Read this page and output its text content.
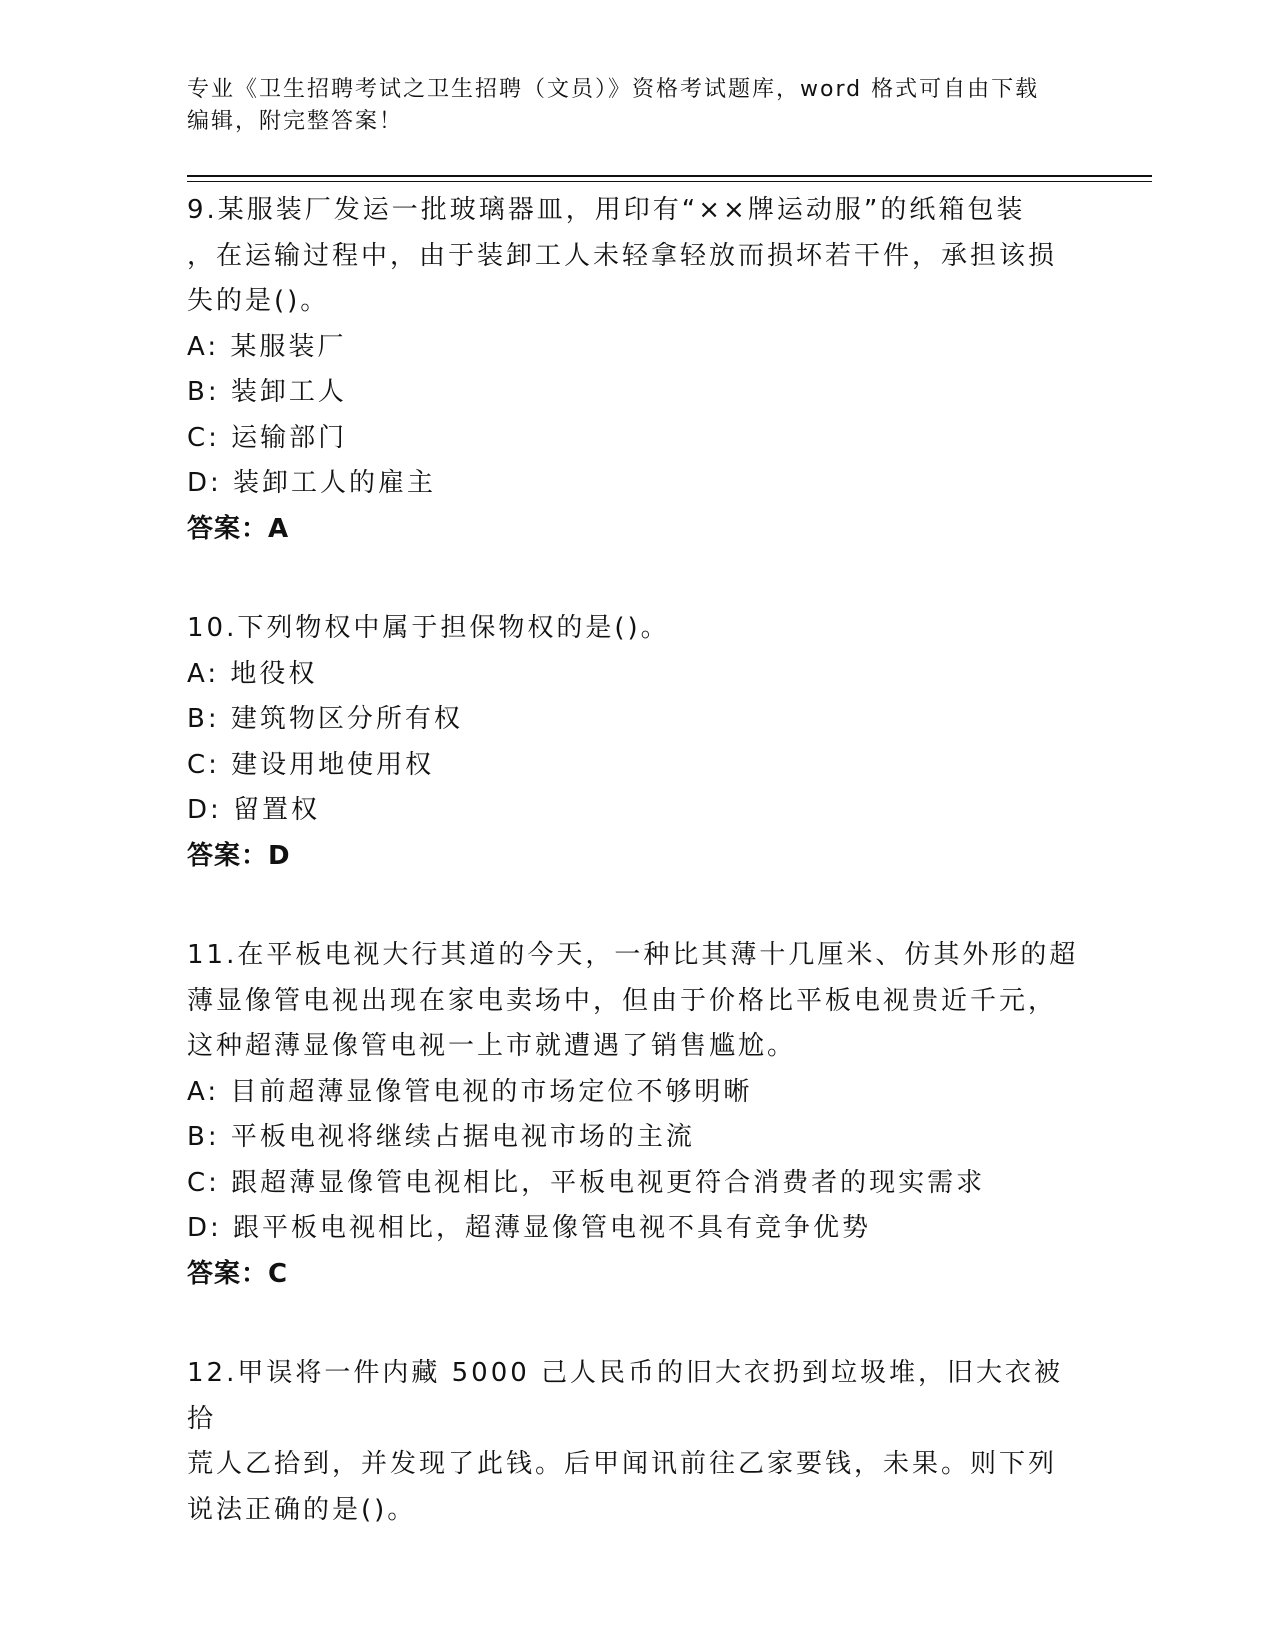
专业《卫生招聘考试之卫生招聘（文员）》资格考试题库，word 格式可自由下载
编辑，附完整答案！
9.某服装厂发运一批玻璃器皿，用印有“××牌运动服”的纸箱包装
，在运输过程中，由于装卸工人未轻拿轻放而损坏若干件，承担该损
失的是()。
A: 某服装厂
B: 装卸工人
C: 运输部门
D: 装卸工人的雇主
答案：A
10.下列物权中属于担保物权的是()。
A: 地役权
B: 建筑物区分所有权
C: 建设用地使用权
D: 留置权
答案：D
11.在平板电视大行其道的今天，一种比其薄十几厘米、仿其外形的超
薄显像管电视出现在家电卖场中，但由于价格比平板电视贵近千元，
这种超薄显像管电视一上市就遭遇了销售尴尬。
A: 目前超薄显像管电视的市场定位不够明晰
B: 平板电视将继续占据电视市场的主流
C: 跟超薄显像管电视相比，平板电视更符合消费者的现实需求
D: 跟平板电视相比，超薄显像管电视不具有竞争优势
答案：C
12.甲误将一件内藏 5000 己人民币的旧大衣扔到垃圾堆，旧大衣被拾
荒人乙拾到，并发现了此钱。后甲闻讯前往乙家要钱，未果。则下列
说法正确的是()。
